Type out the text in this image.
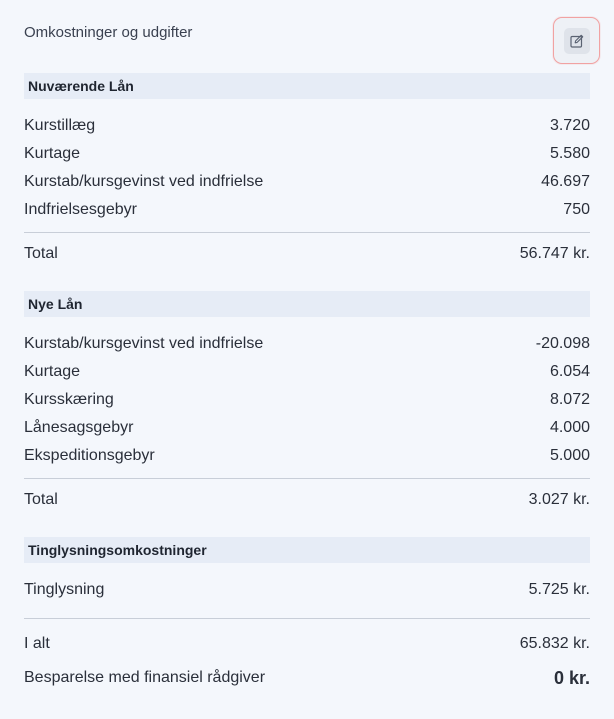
Omkostninger og udgifter
Nuværende Lån
Kurstillæg	3.720
Kurtage	5.580
Kurstab/kursgevinst ved indfrielse	46.697
Indfrielsesgebyr	750
Total	56.747 kr.
Nye Lån
Kurstab/kursgevinst ved indfrielse	-20.098
Kurtage	6.054
Kursskæring	8.072
Lånesagsgebyr	4.000
Ekspeditionsgebyr	5.000
Total	3.027 kr.
Tinglysningsomkostninger
Tinglysning	5.725 kr.
I alt	65.832 kr.
Besparelse med finansiel rådgiver	0 kr.
